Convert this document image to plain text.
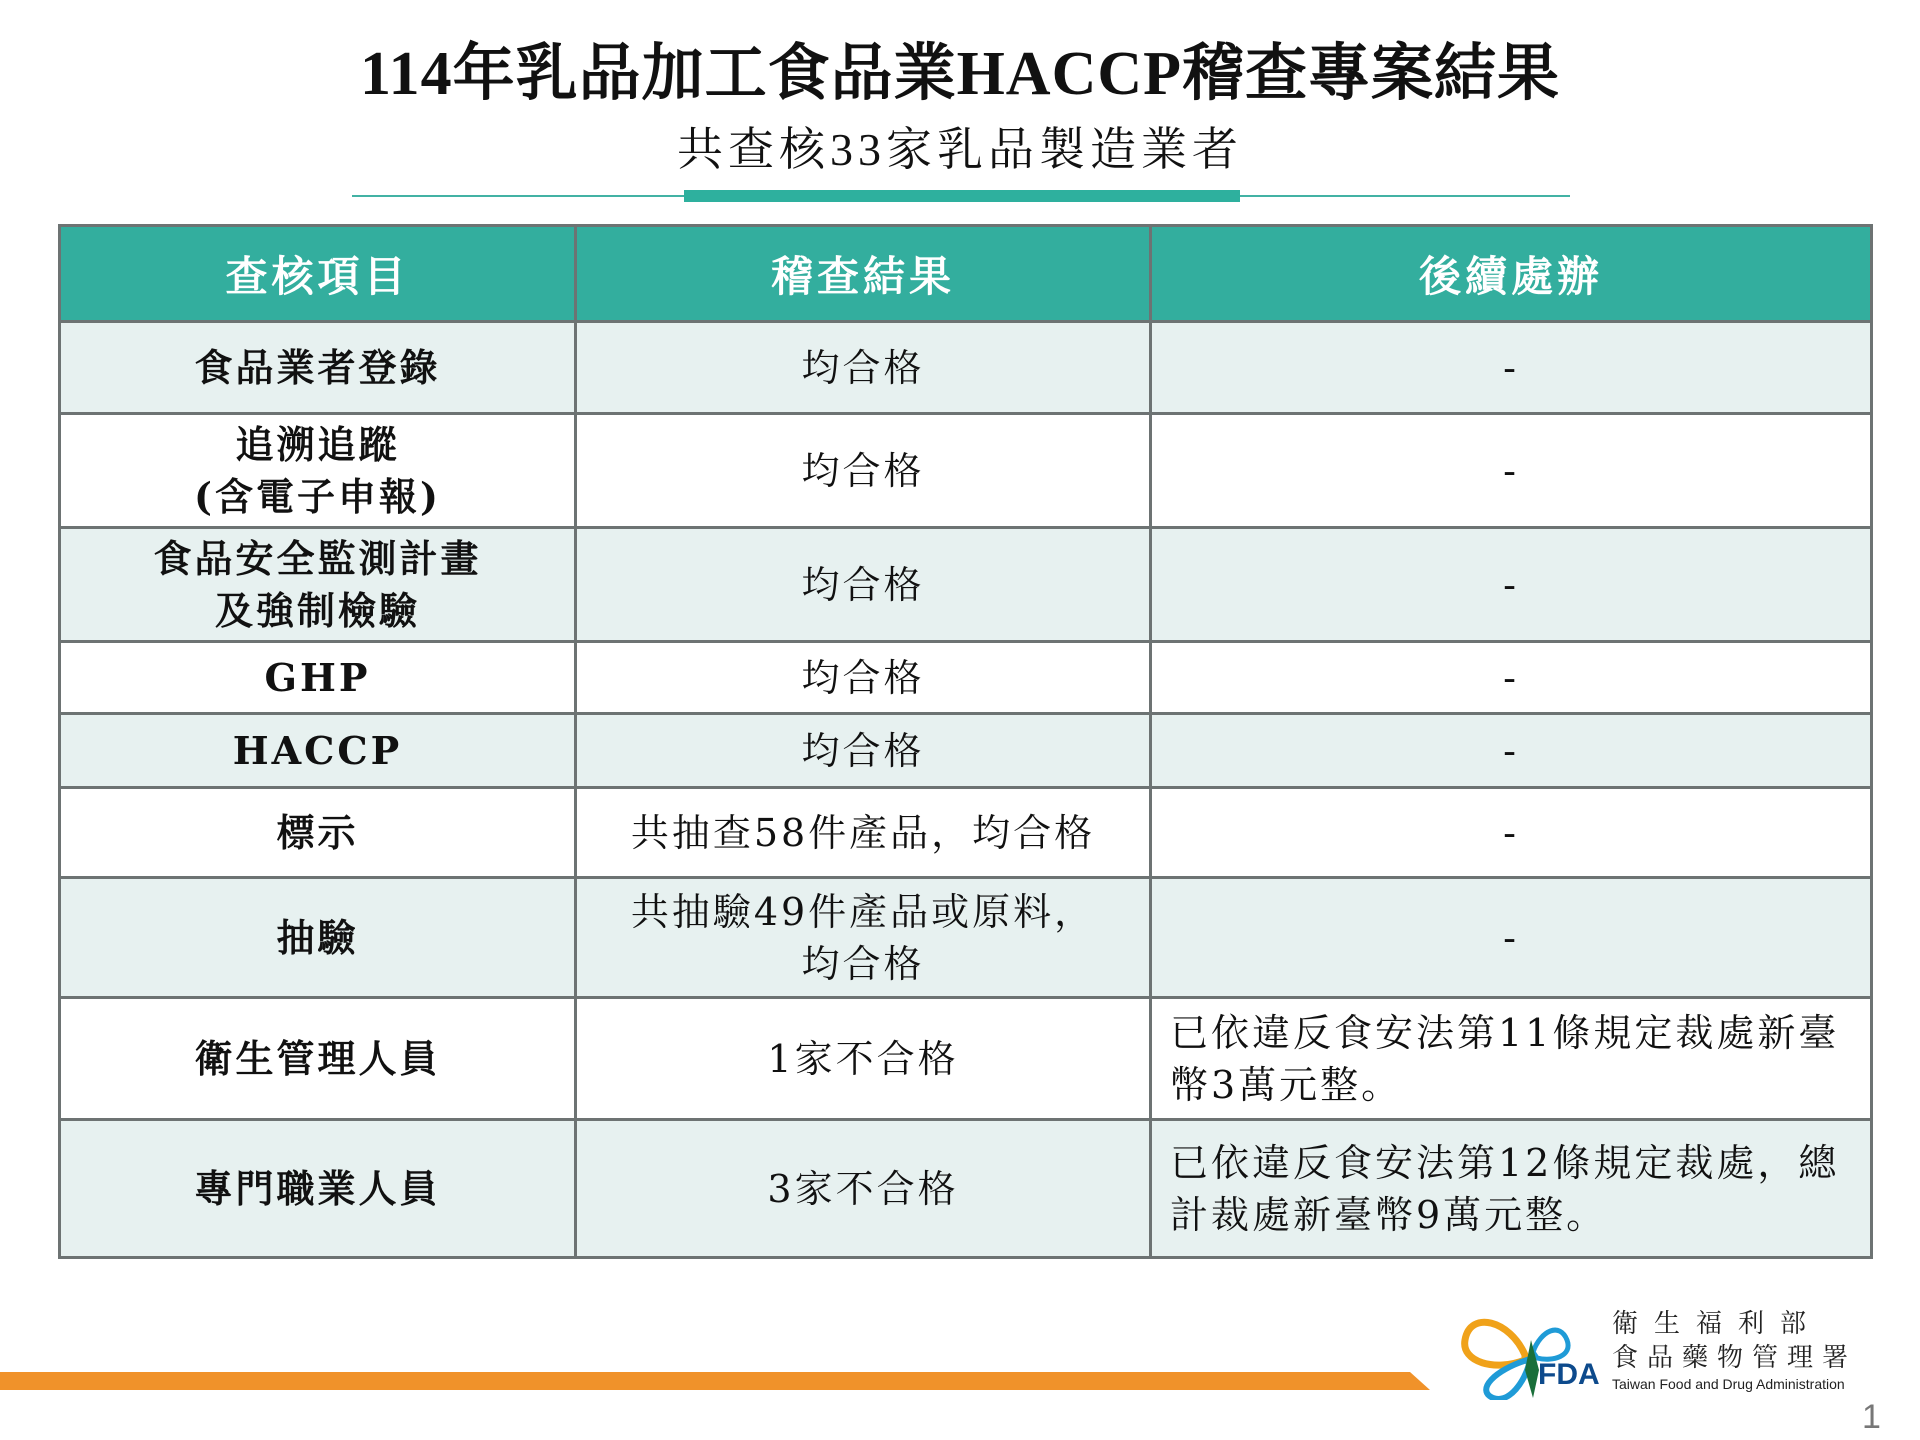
114年乳品加工食品業HACCP稽查專案結果
共查核33家乳品製造業者
查核項目	稽查結果	後續處辦

食品業者登錄	均合格	-

追溯追蹤
(含電子申報)	均合格	-

食品安全監測計畫
及強制檢驗	均合格	-

GHP	均合格	-

HACCP	均合格	-

標示	共抽查58件產品，均合格	-

抽驗	共抽驗49件產品或原料，
均合格	-

衛生管理人員	1家不合格	已依違反食安法第11條規定裁處新臺
幣3萬元整。

專門職業人員	3家不合格	已依違反食安法第12條規定裁處，總
計裁處新臺幣9萬元整。
FDA
衛生福利部
食品藥物管理署
Taiwan Food and Drug Administration
1
